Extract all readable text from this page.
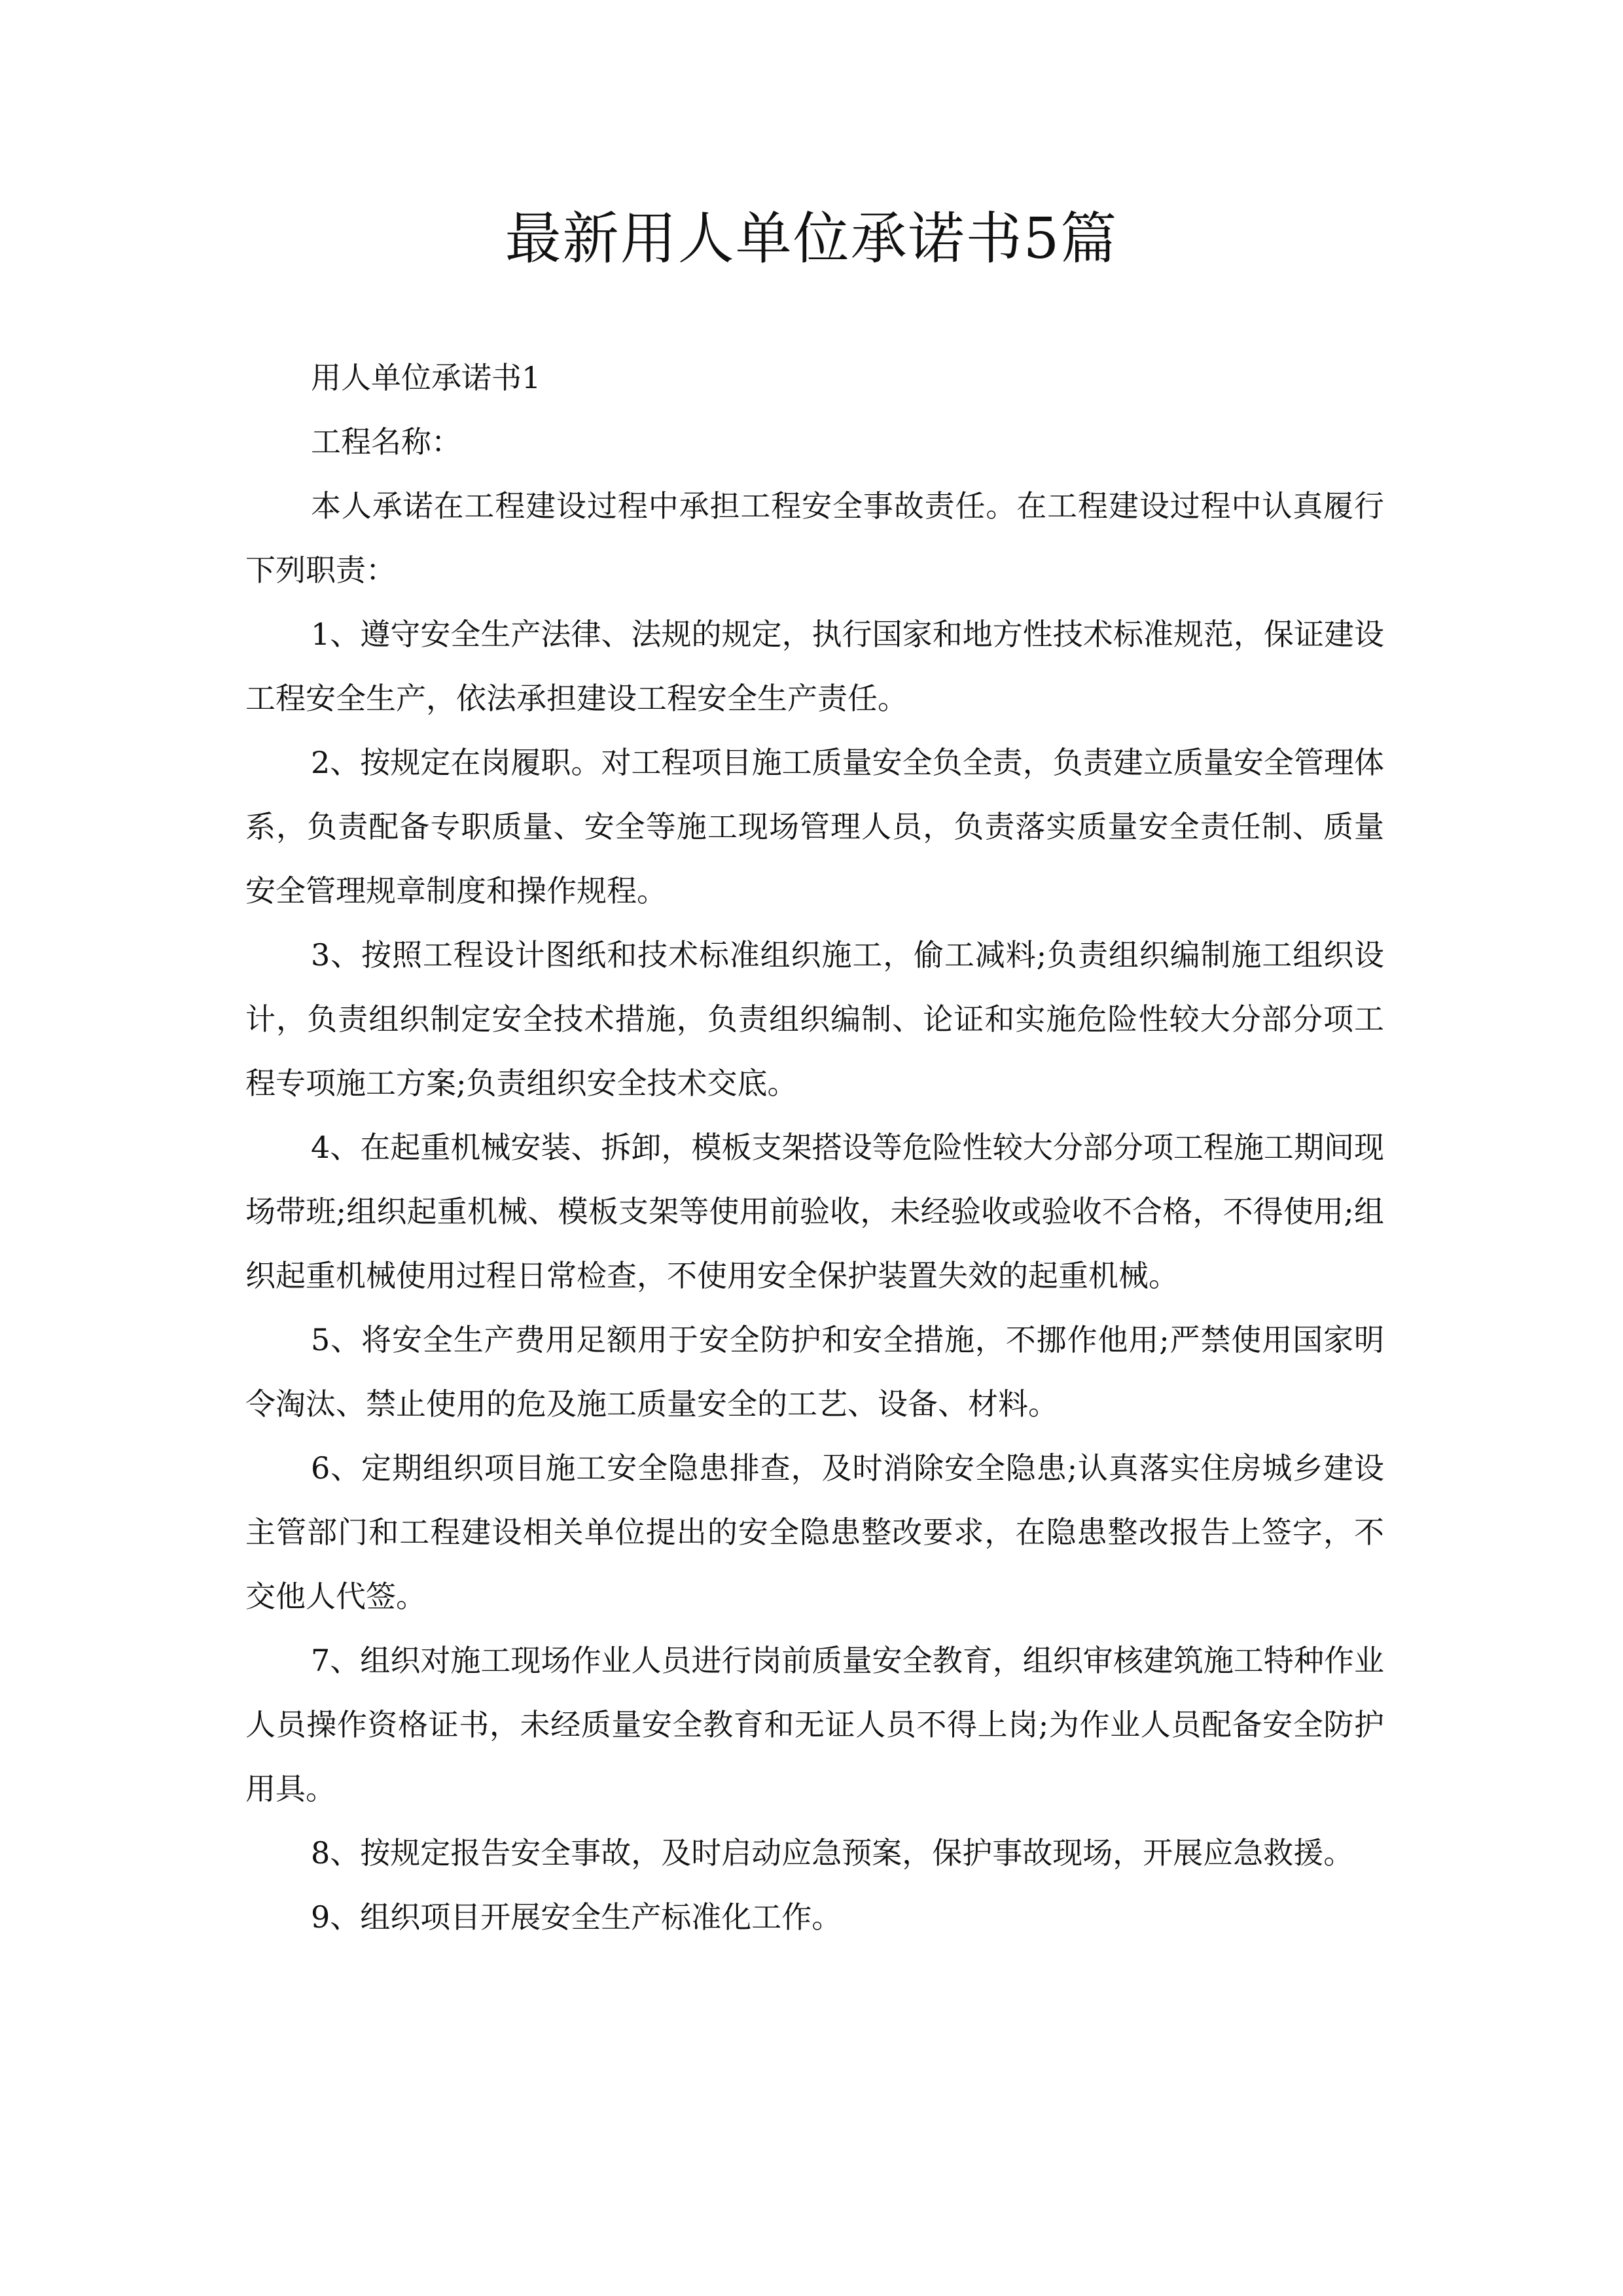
最新用人单位承诺书5篇

用人单位承诺书1

工程名称：

本人承诺在工程建设过程中承担工程安全事故责任。在工程建设过程中认真履行下列职责：

1、遵守安全生产法律、法规的规定，执行国家和地方性技术标准规范，保证建设工程安全生产，依法承担建设工程安全生产责任。

2、按规定在岗履职。对工程项目施工质量安全负全责，负责建立质量安全管理体系，负责配备专职质量、安全等施工现场管理人员，负责落实质量安全责任制、质量安全管理规章制度和操作规程。

3、按照工程设计图纸和技术标准组织施工，偷工减料;负责组织编制施工组织设计，负责组织制定安全技术措施，负责组织编制、论证和实施危险性较大分部分项工程专项施工方案;负责组织安全技术交底。

4、在起重机械安装、拆卸，模板支架搭设等危险性较大分部分项工程施工期间现场带班;组织起重机械、模板支架等使用前验收，未经验收或验收不合格，不得使用;组织起重机械使用过程日常检查，不使用安全保护装置失效的起重机械。

5、将安全生产费用足额用于安全防护和安全措施，不挪作他用;严禁使用国家明令淘汰、禁止使用的危及施工质量安全的工艺、设备、材料。

6、定期组织项目施工安全隐患排查，及时消除安全隐患;认真落实住房城乡建设主管部门和工程建设相关单位提出的安全隐患整改要求，在隐患整改报告上签字，不交他人代签。

7、组织对施工现场作业人员进行岗前质量安全教育，组织审核建筑施工特种作业人员操作资格证书，未经质量安全教育和无证人员不得上岗;为作业人员配备安全防护用具。

8、按规定报告安全事故，及时启动应急预案，保护事故现场，开展应急救援。

9、组织项目开展安全生产标准化工作。
